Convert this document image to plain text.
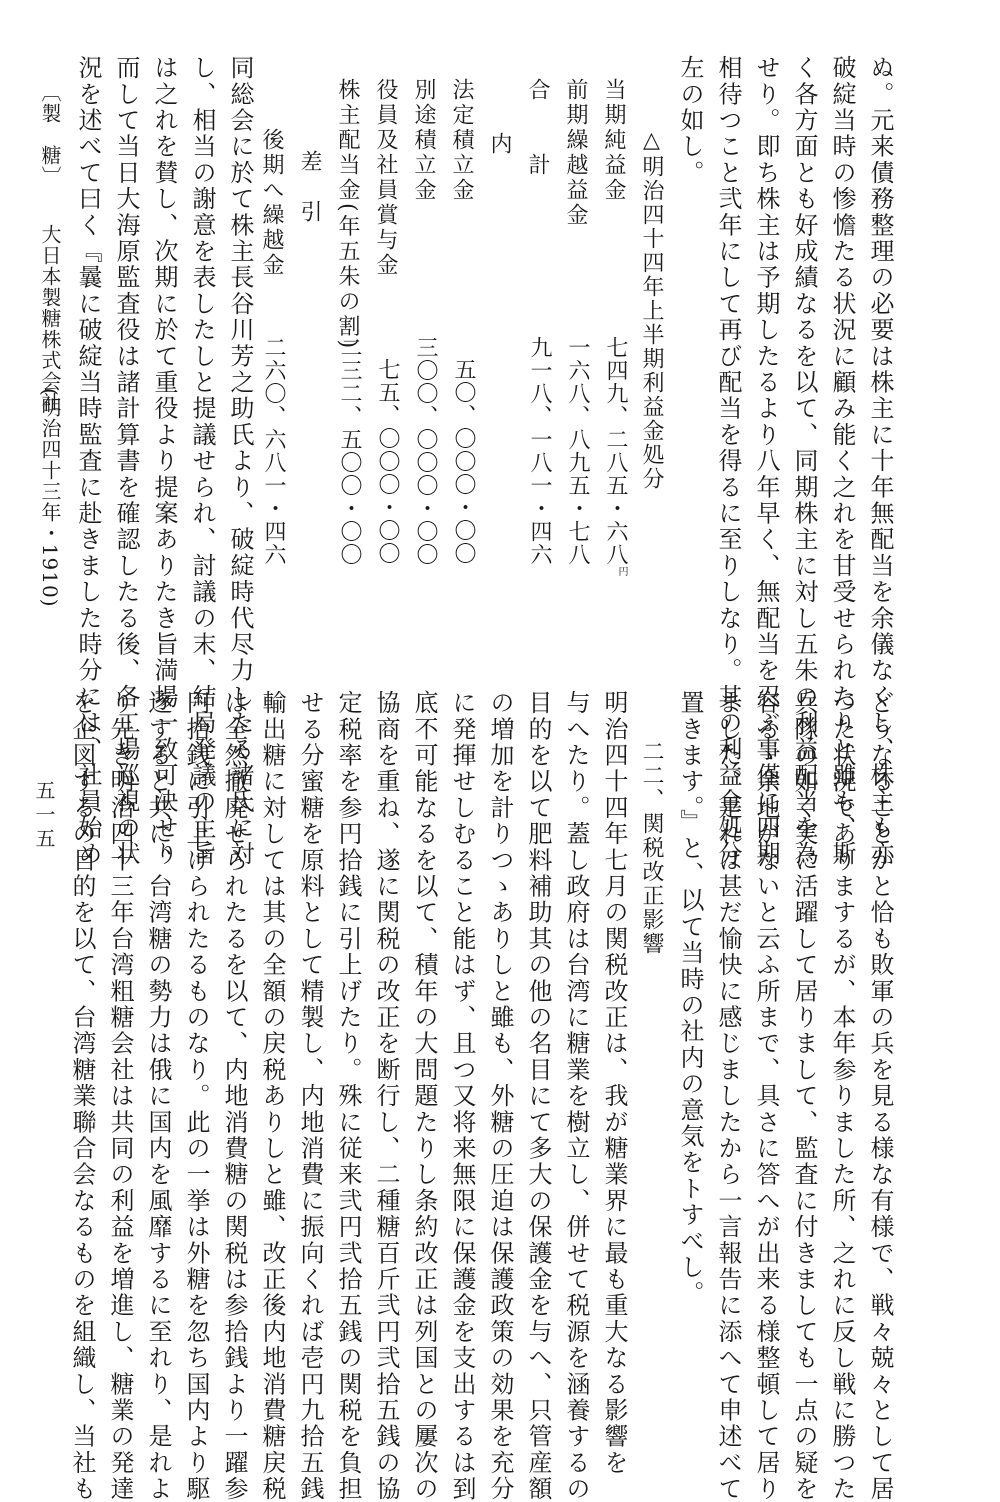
ぬ。元来債務整理の必要は株主に十年無配当を余儀なくし、株主も亦
破綻当時の惨憺たる状況に顧み能く之れを甘受せられたりと雖も、斯
く各方面とも好成績なるを以て、同期株主に対し五朱の利益配当を為
せり。即ち株主は予期したるより八年早く、無配当を忍ぶ事僅に四期
相待つこと弐年にして再び配当を得るに至りしなり。其の利益金処分
左の如し。
△明治四十四年上半期利益金処分
当期純益金
前期繰越益金
合　　計
内
法定積立金
別途積立金
役員及社員賞与金
株主配当金(年五朱の割)
差　引
後期へ繰越金
七四九、二八五・六八$^円$
一六八、八九五・七八
九一八、一八一・四六
五〇、〇〇〇・〇〇
三〇〇、〇〇〇・〇〇
七五、〇〇〇・〇〇
二三二、五〇〇・〇〇
二六〇、六八一・四六
同総会に於て株主長谷川芳之助氏より、破綻時代尽力したる諸氏に対
し、相当の謝意を表したしと提議せられ、討議の末、結局発議の主旨
は之れを賛し、次期に於て重役より提案ありたき旨満場一致可決せり
而して当日大海原監査役は諸計算書を確認したる後、各工場巡視の状
況を述べて曰く『曩に破綻当時監査に赴きました時分には、社員始め
〔製　糖〕
大日本製糖株式会社
(明治四十三年・1910)
どうなることかと恰も敗軍の兵を見る様な有様で、戦々兢々として居
つた状況でありまするが、本年参りました所、之れに反し戦に勝つた
兵隊の如く実に活躍して居りまして、監査に付きましても一点の疑を
容るゝ余地がないと云ふ所まで、具さに答へが出来る様整頓して居り
ました。是れは甚だ愉快に感じましたから一言報告に添へて申述べて
置きます。』と、以て当時の社内の意気をトすべし。
二二、関税改正影響
明治四十四年七月の関税改正は、我が糖業界に最も重大なる影響を
与へたり。蓋し政府は台湾に糖業を樹立し、併せて税源を涵養するの
目的を以て肥料補助其の他の名目にて多大の保護金を与へ、只管産額
の増加を計りつゝありしと雖も、外糖の圧迫は保護政策の効果を充分
に発揮せしむること能はず、且つ又将来無限に保護金を支出するは到
底不可能なるを以て、積年の大問題たりし条約改正は列国との屢次の
協商を重ね、遂に関税の改正を断行し、二種糖百斤弐円弐拾五銭の協
定税率を参円拾銭に引上げたり。殊に従来弐円弐拾五銭の関税を負担
せる分蜜糖を原料として精製し、内地消費に振向くれば壱円九拾五銭
輸出糖に対しては其の全額の戻税ありしと雖、改正後内地消費糖戻税
は全然撤廃せられたるを以て、内地消費糖の関税は参拾銭より一躍参
円拾銭に引上げられたるものなり。此の一挙は外糖を忽ち国内より駆
逐すると共に、台湾糖の勢力は俄に国内を風靡するに至れり、是れよ
り先き明治四十三年台湾粗糖会社は共同の利益を増進し、糖業の発達
を企図するの目的を以て、台湾糖業聯合会なるものを組織し、当社も
五一五
